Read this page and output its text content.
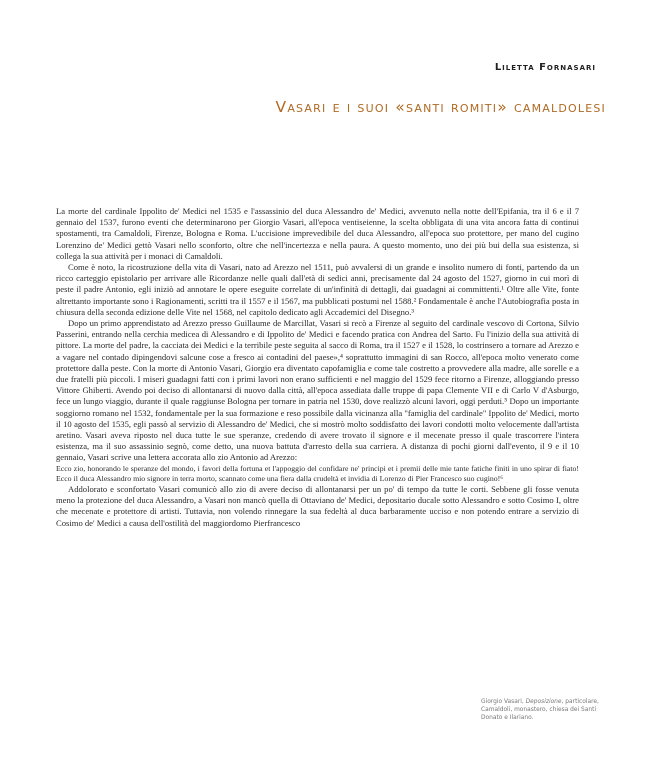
Liletta Fornasari
Vasari e i suoi «santi romiti» camaldolesi

La morte del cardinale Ippolito de' Medici nel 1535 e l'assassinio del duca Alessandro de' Medici, avvenuto nella notte dell'Epifania, tra il 6 e il 7 gennaio del 1537, furono eventi che determinarono per Giorgio Vasari, all'epoca ventiseienne, la scelta obbligata di una vita ancora fatta di continui spostamenti, tra Camaldoli, Firenze, Bologna e Roma. L'uccisione imprevedibile del duca Alessandro, all'epoca suo protettore, per mano del cugino Lorenzino de' Medici gettò Vasari nello sconforto, oltre che nell'incertezza e nella paura. A questo momento, uno dei più bui della sua esistenza, si collega la sua attività per i monaci di Camaldoli.

Come è noto, la ricostruzione della vita di Vasari, nato ad Arezzo nel 1511, può avvalersi di un grande e insolito numero di fonti, partendo da un ricco carteggio epistolario per arrivare alle Ricordanze nelle quali dall'età di sedici anni, precisamente dal 24 agosto del 1527, giorno in cui morì di peste il padre Antonio, egli iniziò ad annotare le opere eseguite correlate di un'infinità di dettagli, dai guadagni ai committenti.¹ Oltre alle Vite, fonte altrettanto importante sono i Ragionamenti, scritti tra il 1557 e il 1567, ma pubblicati postumi nel 1588.² Fondamentale è anche l'Autobiografia posta in chiusura della seconda edizione delle Vite nel 1568, nel capitolo dedicato agli Accademici del Disegno.³

Dopo un primo apprendistato ad Arezzo presso Guillaume de Marcillat, Vasari si recò a Firenze al seguito del cardinale vescovo di Cortona, Silvio Passerini, entrando nella cerchia medicea di Alessandro e di Ippolito de' Medici e facendo pratica con Andrea del Sarto. Fu l'inizio della sua attività di pittore. La morte del padre, la cacciata dei Medici e la terribile peste seguita al sacco di Roma, tra il 1527 e il 1528, lo costrinsero a tornare ad Arezzo e a vagare nel contado dipingendovi salcune cose a fresco ai contadini del paese»,⁴ soprattutto immagini di san Rocco, all'epoca molto venerato come protettore dalla peste. Con la morte di Antonio Vasari, Giorgio era diventato capofamiglia e come tale costretto a provvedere alla madre, alle sorelle e a due fratelli più piccoli. I miseri guadagni fatti con i primi lavori non erano sufficienti e nel maggio del 1529 fece ritorno a Firenze, alloggiando presso Vittore Ghiberti. Avendo poi deciso di allontanarsi di nuovo dalla città, all'epoca assediata dalle truppe di papa Clemente VII e di Carlo V d'Asburgo, fece un lungo viaggio, durante il quale raggiunse Bologna per tornare in patria nel 1530, dove realizzò alcuni lavori, oggi perduti.⁵ Dopo un importante soggiorno romano nel 1532, fondamentale per la sua formazione e reso possibile dalla vicinanza alla "famiglia del cardinale" Ippolito de' Medici, morto il 10 agosto del 1535, egli passò al servizio di Alessandro de' Medici, che si mostrò molto soddisfatto dei lavori condotti molto velocemente dall'artista aretino. Vasari aveva riposto nel duca tutte le sue speranze, credendo di avere trovato il signore e il mecenate presso il quale trascorrere l'intera esistenza, ma il suo assassinio segnò, come detto, una nuova battuta d'arresto della sua carriera. A distanza di pochi giorni dall'evento, il 9 e il 10 gennaio, Vasari scrive una lettera accorata allo zio Antonio ad Arezzo:

Ecco zio, honorando le speranze del mondo, i favori della fortuna et l'appoggio del confidare ne' principi et i premii delle mie tante fatiche finiti in uno spirar di fiato! Ecco il duca Alessandro mio signore in terra morto, scannato come una fiera dalla crudeltà et invidia di Lorenzo di Pier Francesco suo cugino!⁶

Addolorato e sconfortato Vasari comunicò allo zio di avere deciso di allontanarsi per un po' di tempo da tutte le corti. Sebbene gli fosse venuta meno la protezione del duca Alessandro, a Vasari non mancò quella di Ottaviano de' Medici, depositario ducale sotto Alessandro e sotto Cosimo I, oltre che mecenate e protettore di artisti. Tuttavia, non volendo rinnegare la sua fedeltà al duca barbaramente ucciso e non potendo entrare a servizio di Cosimo de' Medici a causa dell'ostilità del maggiordomo Pierfrancesco

Giorgio Vasari, Deposizione, particolare, Camaldoli, monastero, chiesa dei Santi Donato e Ilariano.
